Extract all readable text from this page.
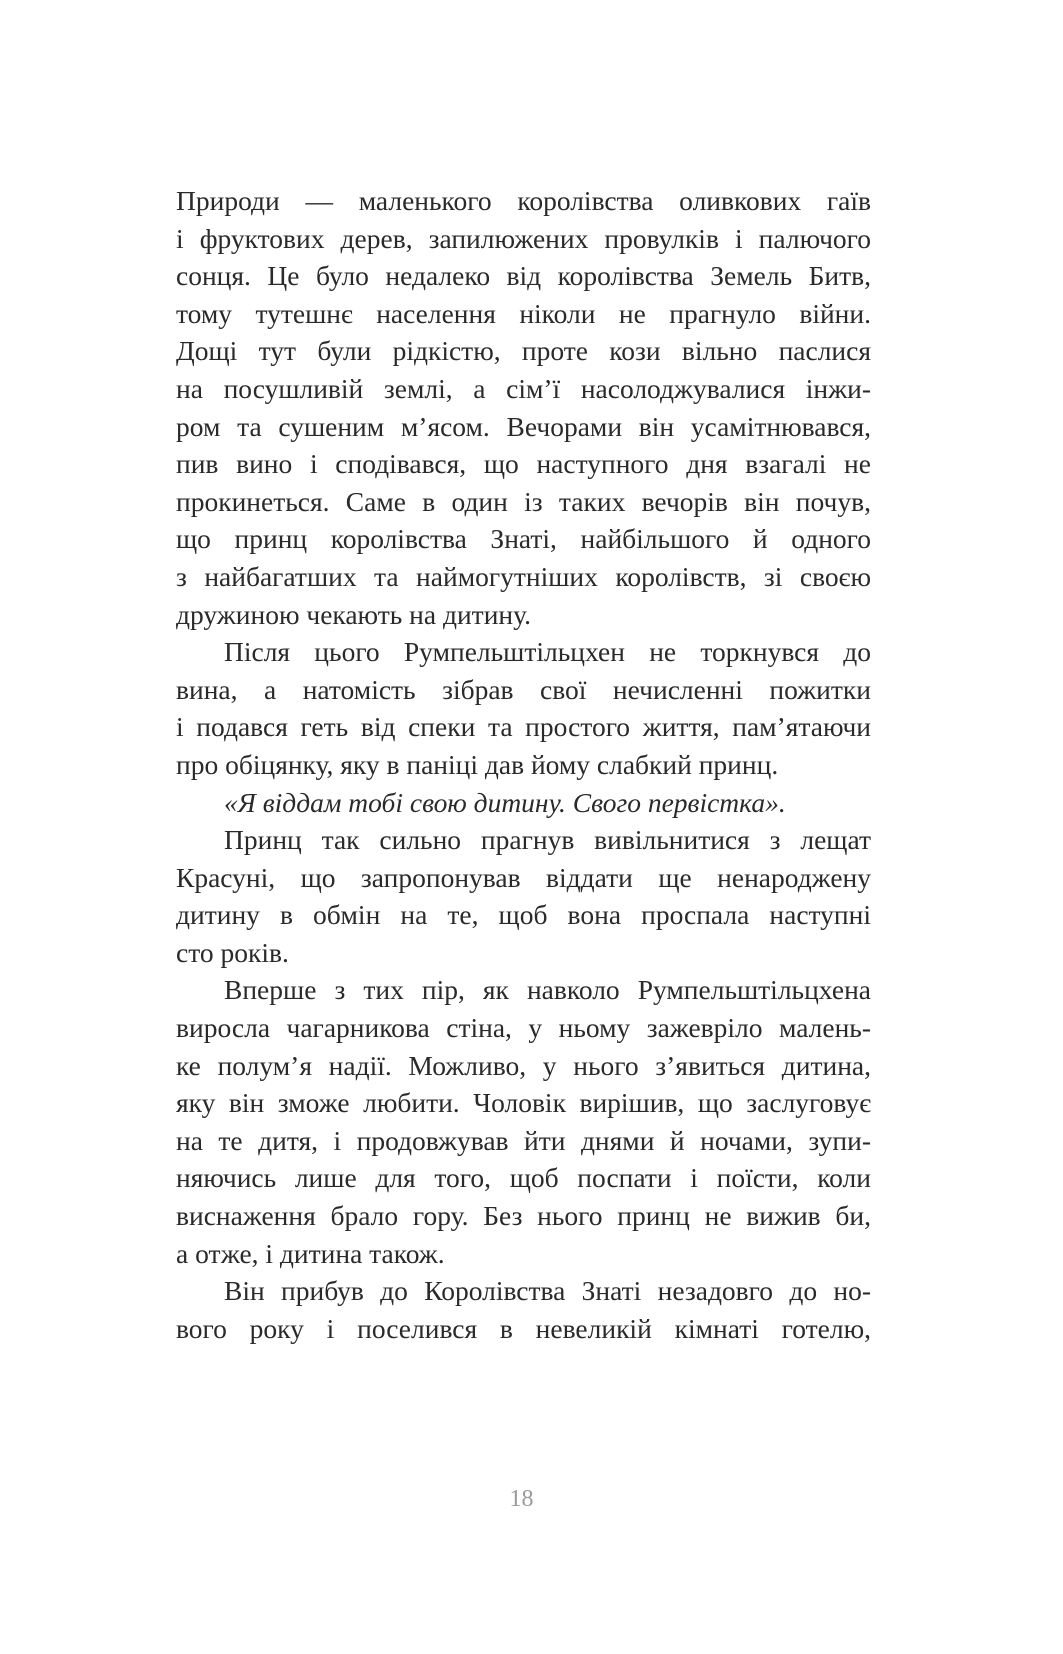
Природи — маленького королівства оливкових гаїв
і фруктових дерев, запилюжених провулків і палючого
сонця. Це було недалеко від королівства Земель Битв,
тому тутешнє населення ніколи не прагнуло війни.
Дощі тут були рідкістю, проте кози вільно паслися
на посушливій землі, а сім’ї насолоджувалися інжи-
ром та сушеним м’ясом. Вечорами він усамітнювався,
пив вино і сподівався, що наступного дня взагалі не
прокинеться. Саме в один із таких вечорів він почув,
що принц королівства Знаті, найбільшого й одного
з найбагатших та наймогутніших королівств, зі своєю
дружиною чекають на дитину.
Після цього Румпельштільцхен не торкнувся до
вина, а натомість зібрав свої нечисленні пожитки
і подався геть від спеки та простого життя, пам’ятаючи
про обіцянку, яку в паніці дав йому слабкий принц.
«Я віддам тобі свою дитину. Свого первістка».
Принц так сильно прагнув вивільнитися з лещат
Красуні, що запропонував віддати ще ненароджену
дитину в обмін на те, щоб вона проспала наступні
сто років.
Вперше з тих пір, як навколо Румпельштільцхена
виросла чагарникова стіна, у ньому зажевріло малень-
ке полум’я надії. Можливо, у нього з’явиться дитина,
яку він зможе любити. Чоловік вирішив, що заслуговує
на те дитя, і продовжував йти днями й ночами, зупи-
няючись лише для того, щоб поспати і поїсти, коли
виснаження брало гору. Без нього принц не вижив би,
а отже, і дитина також.
Він прибув до Королівства Знаті незадовго до но-
вого року і поселився в невеликій кімнаті готелю,
18
